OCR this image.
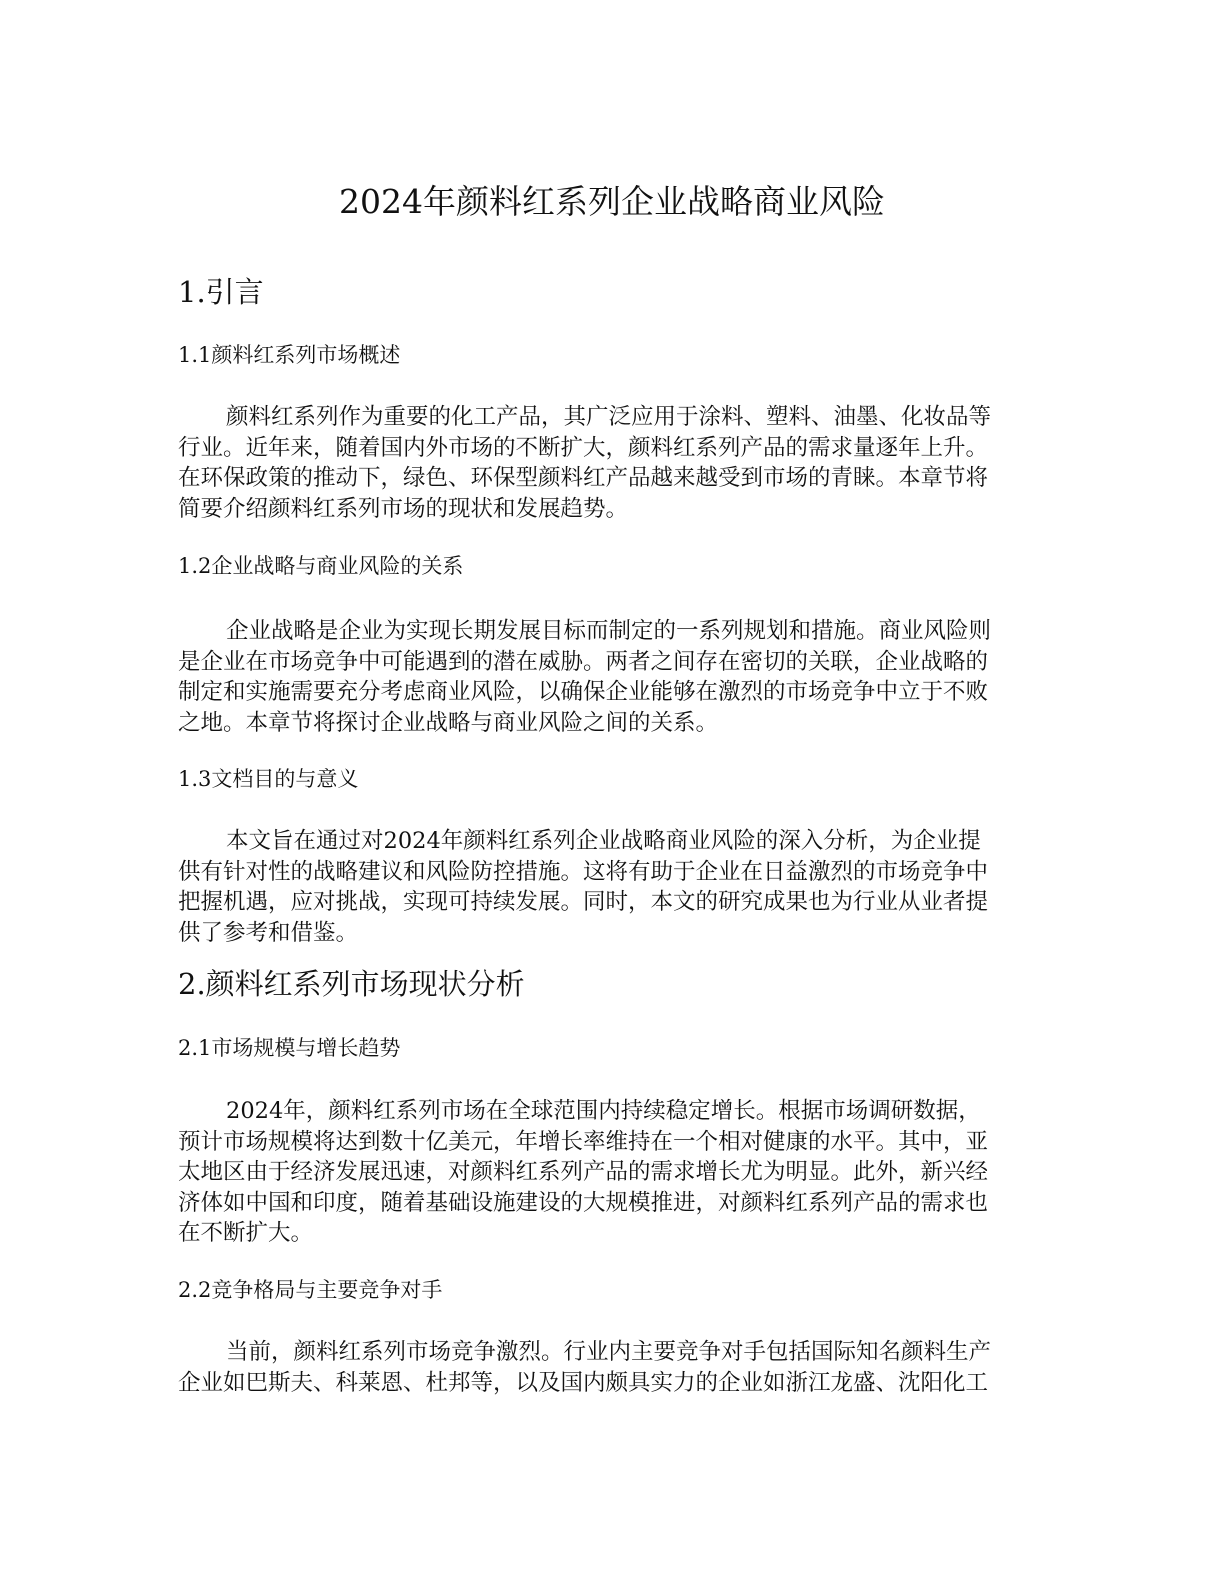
2024年颜料红系列企业战略商业风险
1.引言
1.1颜料红系列市场概述
颜料红系列作为重要的化工产品，其广泛应用于涂料、塑料、油墨、化妆品等
行业。近年来，随着国内外市场的不断扩大，颜料红系列产品的需求量逐年上升。
在环保政策的推动下，绿色、环保型颜料红产品越来越受到市场的青睐。本章节将
简要介绍颜料红系列市场的现状和发展趋势。
1.2企业战略与商业风险的关系
企业战略是企业为实现长期发展目标而制定的一系列规划和措施。商业风险则
是企业在市场竞争中可能遇到的潜在威胁。两者之间存在密切的关联，企业战略的
制定和实施需要充分考虑商业风险，以确保企业能够在激烈的市场竞争中立于不败
之地。本章节将探讨企业战略与商业风险之间的关系。
1.3文档目的与意义
本文旨在通过对2024年颜料红系列企业战略商业风险的深入分析，为企业提
供有针对性的战略建议和风险防控措施。这将有助于企业在日益激烈的市场竞争中
把握机遇，应对挑战，实现可持续发展。同时，本文的研究成果也为行业从业者提
供了参考和借鉴。
2.颜料红系列市场现状分析
2.1市场规模与增长趋势
2024年，颜料红系列市场在全球范围内持续稳定增长。根据市场调研数据，
预计市场规模将达到数十亿美元，年增长率维持在一个相对健康的水平。其中，亚
太地区由于经济发展迅速，对颜料红系列产品的需求增长尤为明显。此外，新兴经
济体如中国和印度，随着基础设施建设的大规模推进，对颜料红系列产品的需求也
在不断扩大。
2.2竞争格局与主要竞争对手
当前，颜料红系列市场竞争激烈。行业内主要竞争对手包括国际知名颜料生产
企业如巴斯夫、科莱恩、杜邦等，以及国内颇具实力的企业如浙江龙盛、沈阳化工
